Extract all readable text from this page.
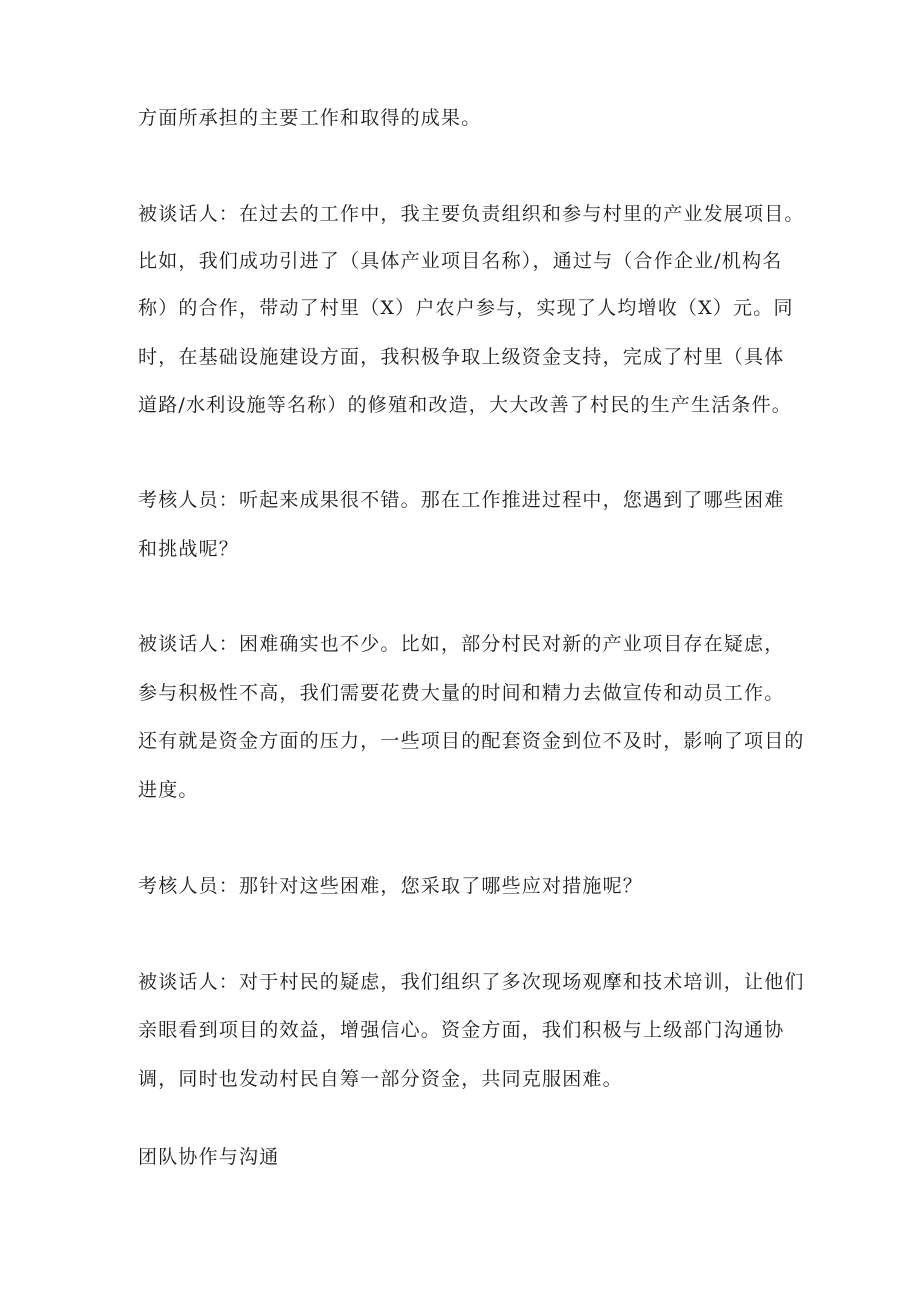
方面所承担的主要工作和取得的成果。
被谈话人：在过去的工作中，我主要负责组织和参与村里的产业发展项目。
比如，我们成功引进了（具体产业项目名称），通过与（合作企业/机构名
称）的合作，带动了村里（X）户农户参与，实现了人均增收（X）元。同
时，在基础设施建设方面，我积极争取上级资金支持，完成了村里（具体
道路/水利设施等名称）的修殖和改造，大大改善了村民的生产生活条件。
考核人员：听起来成果很不错。那在工作推进过程中，您遇到了哪些困难
和挑战呢？
被谈话人：困难确实也不少。比如，部分村民对新的产业项目存在疑虑，
参与积极性不高，我们需要花费大量的时间和精力去做宣传和动员工作。
还有就是资金方面的压力，一些项目的配套资金到位不及时，影响了项目的
进度。
考核人员：那针对这些困难，您采取了哪些应对措施呢？
被谈话人：对于村民的疑虑，我们组织了多次现场观摩和技术培训，让他们
亲眼看到项目的效益，增强信心。资金方面，我们积极与上级部门沟通协
调，同时也发动村民自筹一部分资金，共同克服困难。
团队协作与沟通
